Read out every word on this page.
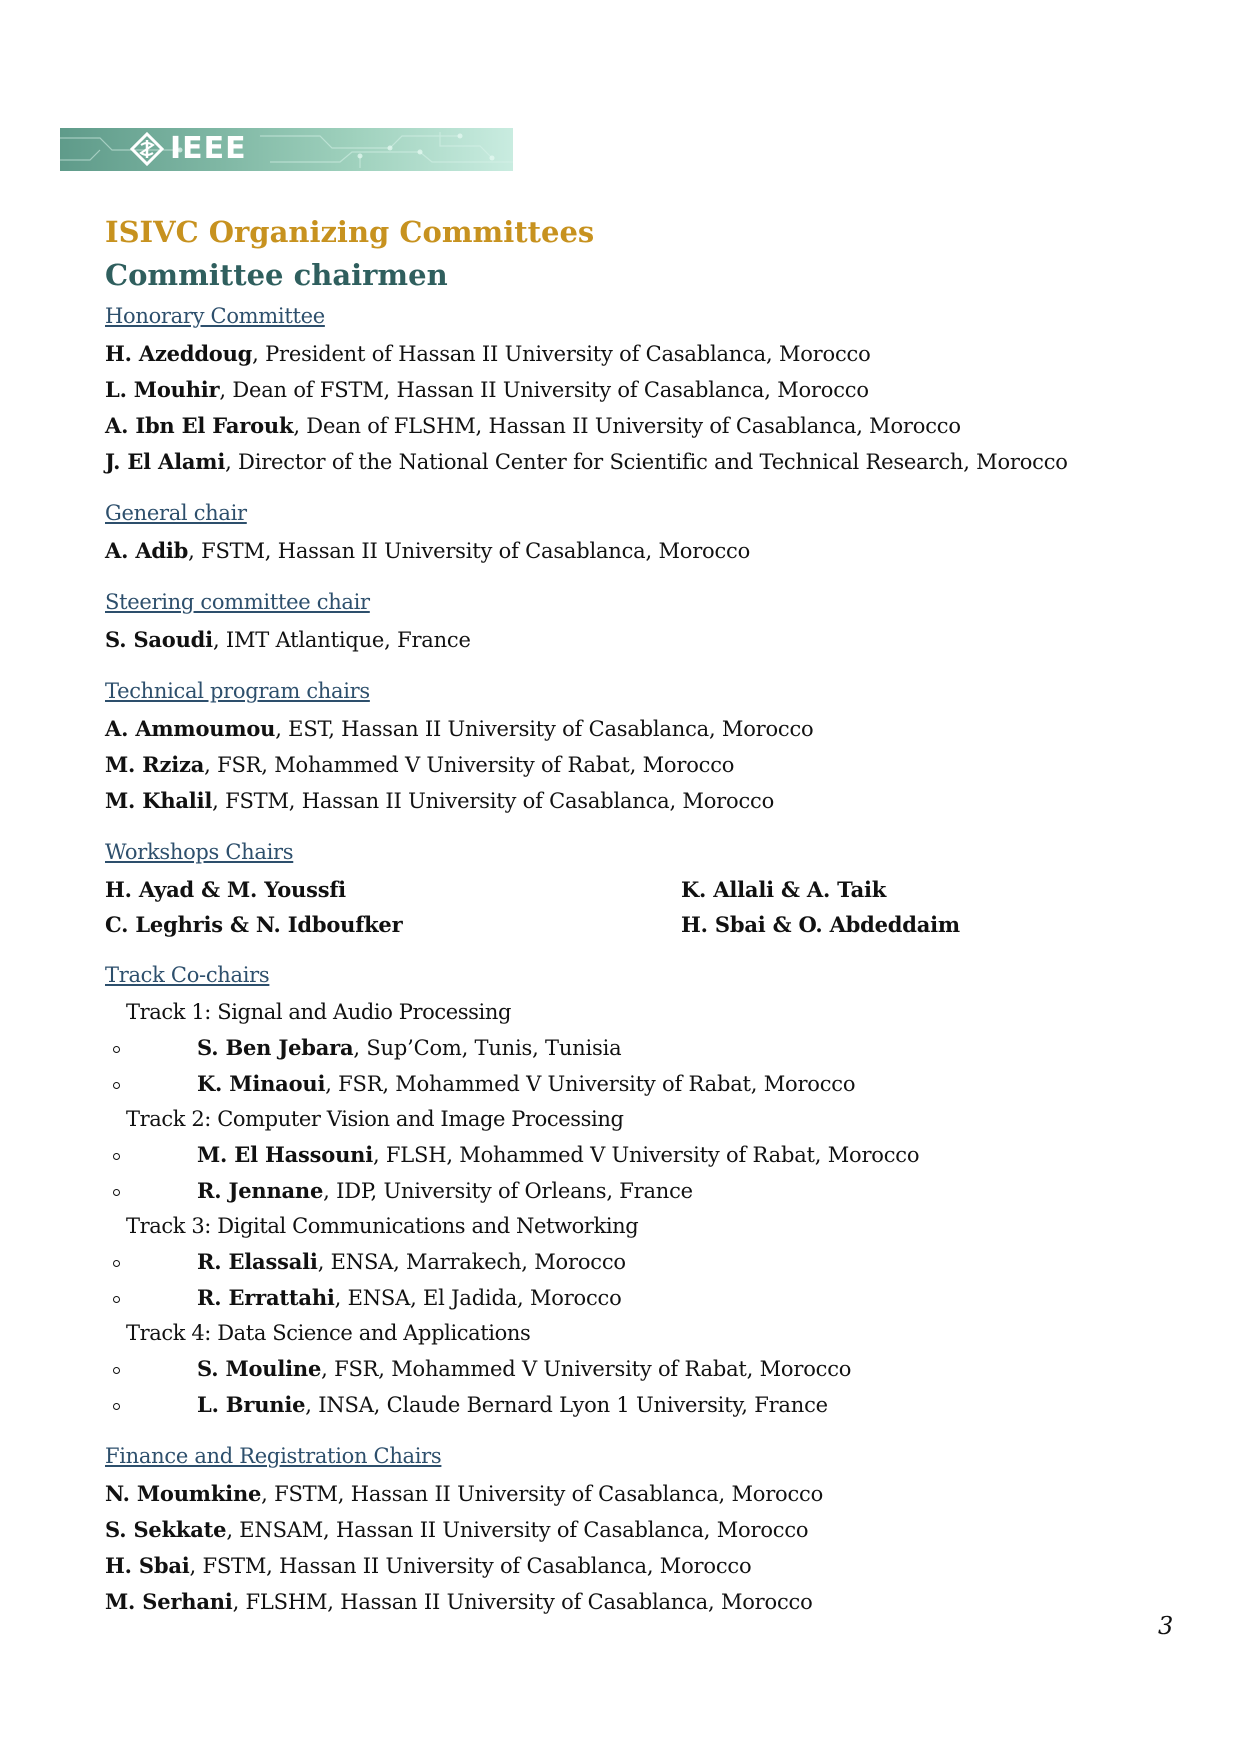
IEEE
ISIVC Organizing Committees
Committee chairmen
Honorary Committee
H. Azeddoug, President of Hassan II University of Casablanca, Morocco
L. Mouhir, Dean of FSTM, Hassan II University of Casablanca, Morocco
A. Ibn El Farouk, Dean of FLSHM, Hassan II University of Casablanca, Morocco
J. El Alami, Director of the National Center for Scientific and Technical Research, Morocco
General chair
A. Adib, FSTM, Hassan II University of Casablanca, Morocco
Steering committee chair
S. Saoudi, IMT Atlantique, France
Technical program chairs
A. Ammoumou, EST, Hassan II University of Casablanca, Morocco
M. Rziza, FSR, Mohammed V University of Rabat, Morocco
M. Khalil, FSTM, Hassan II University of Casablanca, Morocco
Workshops Chairs
H. Ayad & M. Youssfi	K. Allali & A. Taik
C. Leghris & N. Idboufker	H. Sbai & O. Abdeddaim
Track Co-chairs
Track 1: Signal and Audio Processing
S. Ben Jebara, Sup’Com, Tunis, Tunisia
K. Minaoui, FSR, Mohammed V University of Rabat, Morocco
Track 2: Computer Vision and Image Processing
M. El Hassouni, FLSH, Mohammed V University of Rabat, Morocco
R. Jennane, IDP, University of Orleans, France
Track 3: Digital Communications and Networking
R. Elassali, ENSA, Marrakech, Morocco
R. Errattahi, ENSA, El Jadida, Morocco
Track 4: Data Science and Applications
S. Mouline, FSR, Mohammed V University of Rabat, Morocco
L. Brunie, INSA, Claude Bernard Lyon 1 University, France
Finance and Registration Chairs
N. Moumkine, FSTM, Hassan II University of Casablanca, Morocco
S. Sekkate, ENSAM, Hassan II University of Casablanca, Morocco
H. Sbai, FSTM, Hassan II University of Casablanca, Morocco
M. Serhani, FLSHM, Hassan II University of Casablanca, Morocco
3
